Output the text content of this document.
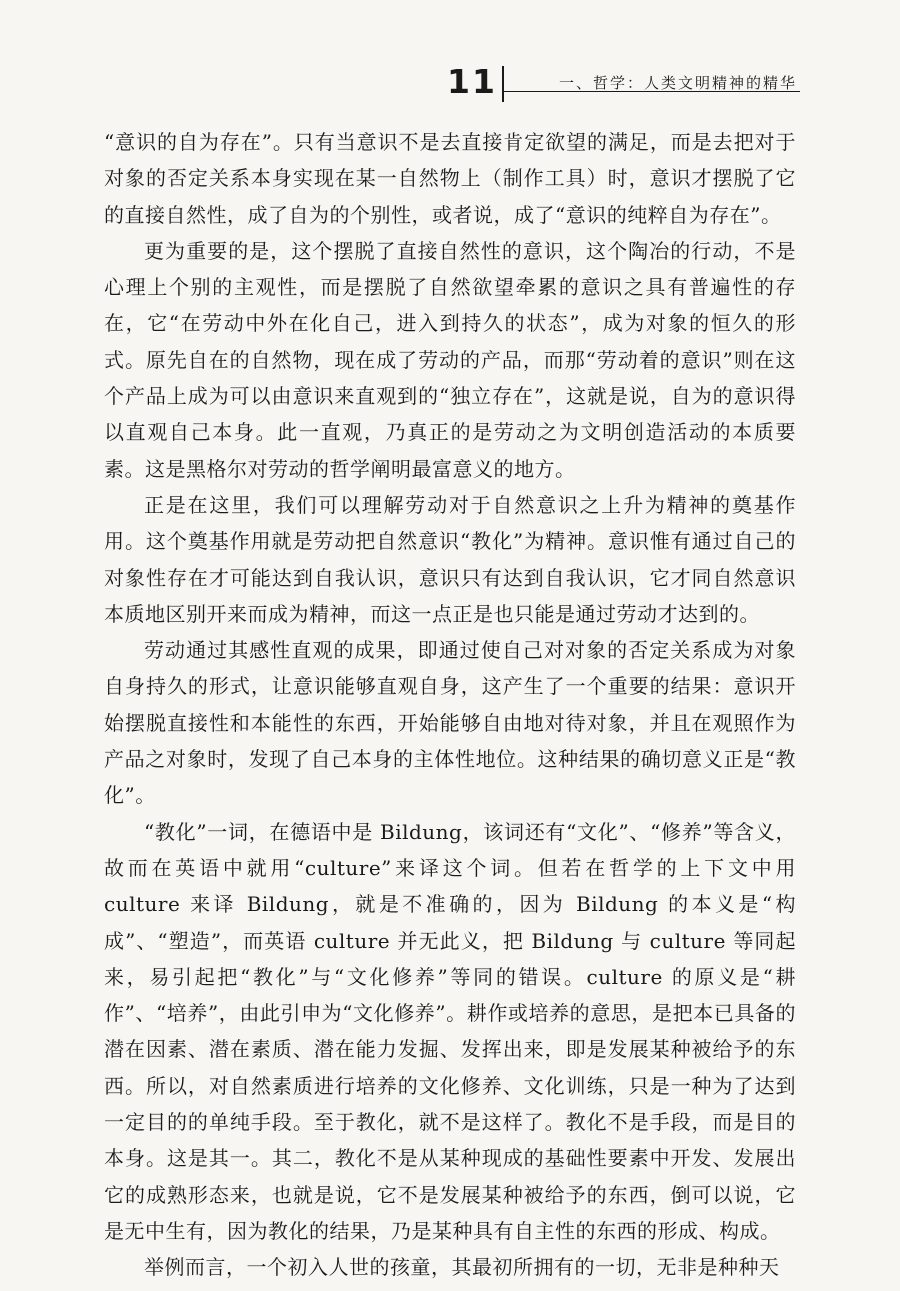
11	一、哲学：人类文明精神的精华

“意识的自为存在”。只有当意识不是去直接肯定欲望的满足，而是去把对于对象的否定关系本身实现在某一自然物上（制作工具）时，意识才摆脱了它的直接自然性，成了自为的个别性，或者说，成了“意识的纯粹自为存在”。

更为重要的是，这个摆脱了直接自然性的意识，这个陶冶的行动，不是心理上个别的主观性，而是摆脱了自然欲望牵累的意识之具有普遍性的存在，它“在劳动中外在化自己，进入到持久的状态”，成为对象的恒久的形式。原先自在的自然物，现在成了劳动的产品，而那“劳动着的意识”则在这个产品上成为可以由意识来直观到的“独立存在”，这就是说，自为的意识得以直观自己本身。此一直观，乃真正的是劳动之为文明创造活动的本质要素。这是黑格尔对劳动的哲学阐明最富意义的地方。

正是在这里，我们可以理解劳动对于自然意识之上升为精神的奠基作用。这个奠基作用就是劳动把自然意识“教化”为精神。意识惟有通过自己的对象性存在才可能达到自我认识，意识只有达到自我认识，它才同自然意识本质地区别开来而成为精神，而这一点正是也只能是通过劳动才达到的。

劳动通过其感性直观的成果，即通过使自己对对象的否定关系成为对象自身持久的形式，让意识能够直观自身，这产生了一个重要的结果：意识开始摆脱直接性和本能性的东西，开始能够自由地对待对象，并且在观照作为产品之对象时，发现了自己本身的主体性地位。这种结果的确切意义正是“教化”。

“教化”一词，在德语中是 Bildung，该词还有“文化”、“修养”等含义，故而在英语中就用“culture”来译这个词。但若在哲学的上下文中用 culture 来译 Bildung，就是不准确的，因为 Bildung 的本义是“构成”、“塑造”，而英语 culture 并无此义，把 Bildung 与 culture 等同起来，易引起把“教化”与“文化修养”等同的错误。culture 的原义是“耕作”、“培养”，由此引申为“文化修养”。耕作或培养的意思，是把本已具备的潜在因素、潜在素质、潜在能力发掘、发挥出来，即是发展某种被给予的东西。所以，对自然素质进行培养的文化修养、文化训练，只是一种为了达到一定目的的单纯手段。至于教化，就不是这样了。教化不是手段，而是目的本身。这是其一。其二，教化不是从某种现成的基础性要素中开发、发展出它的成熟形态来，也就是说，它不是发展某种被给予的东西，倒可以说，它是无中生有，因为教化的结果，乃是某种具有自主性的东西的形成、构成。

举例而言，一个初入人世的孩童，其最初所拥有的一切，无非是种种天
